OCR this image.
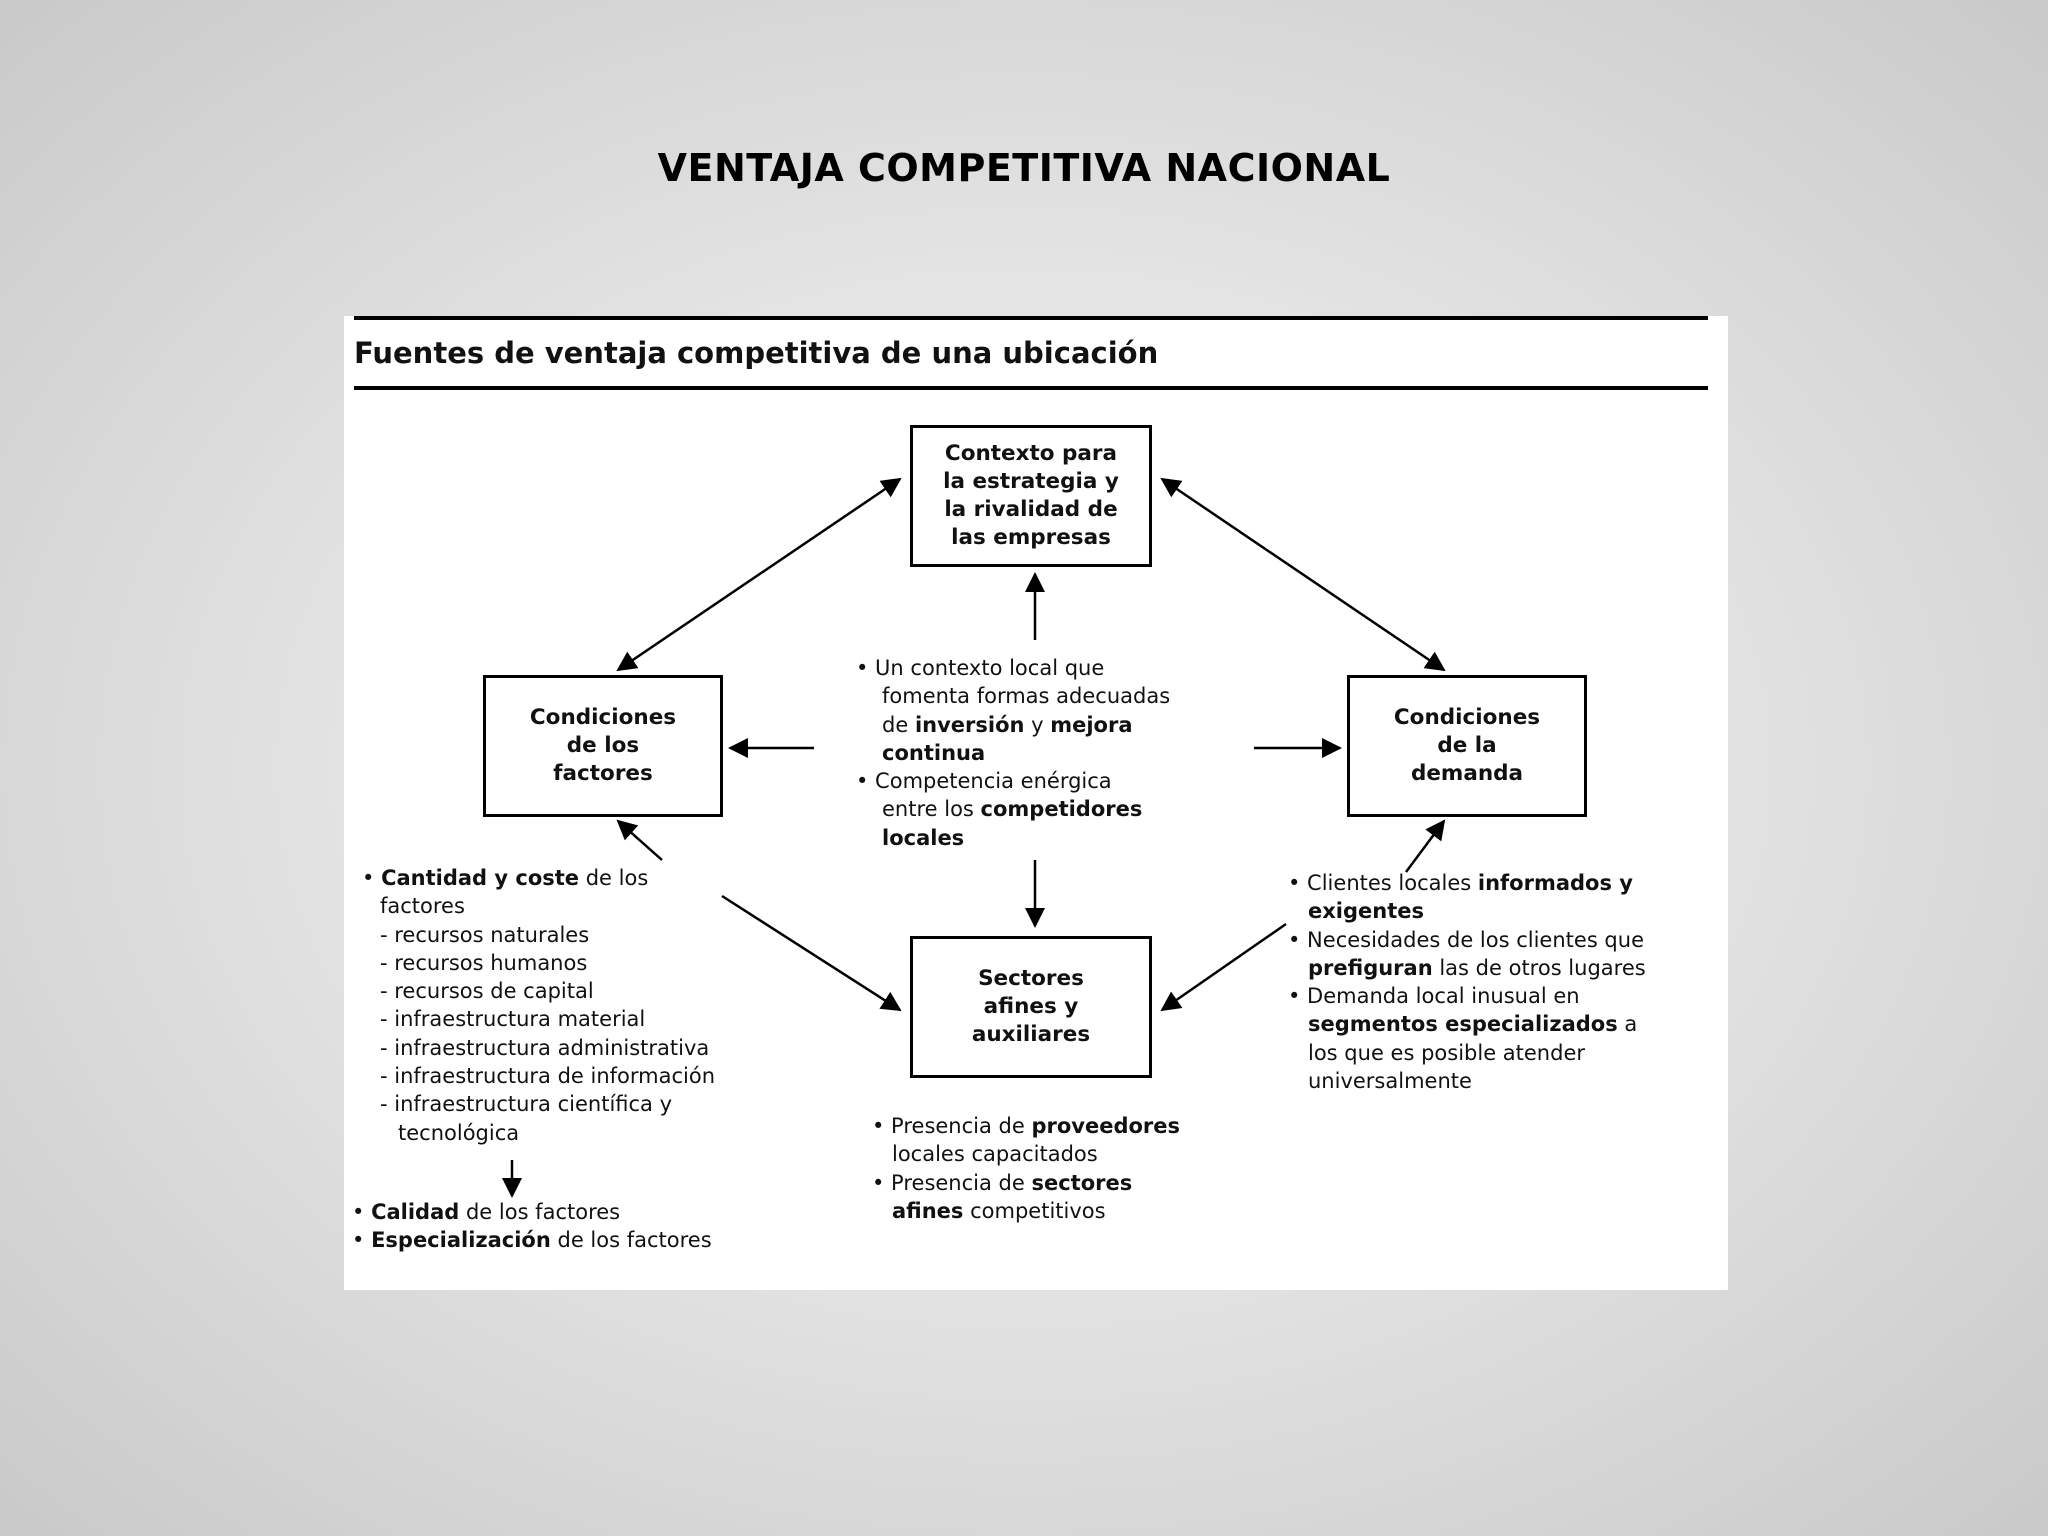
VENTAJA COMPETITIVA NACIONAL
Fuentes de ventaja competitiva de una ubicación
Contexto para
la estrategia y
la rivalidad de
las empresas
Condiciones
de los
factores
Condiciones
de la
demanda
Sectores
afines y
auxiliares
• Un contexto local que
fomenta formas adecuadas
de inversión y mejora
continua
• Competencia enérgica
entre los competidores
locales
• Cantidad y coste de los
factores
- recursos naturales
- recursos humanos
- recursos de capital
- infraestructura material
- infraestructura administrativa
- infraestructura de información
- infraestructura científica y
tecnológica
• Calidad de los factores
• Especialización de los factores
• Clientes locales informados y
exigentes
• Necesidades de los clientes que
prefiguran las de otros lugares
• Demanda local inusual en
segmentos especializados a
los que es posible atender
universalmente
• Presencia de proveedores
locales capacitados
• Presencia de sectores
afines competitivos
